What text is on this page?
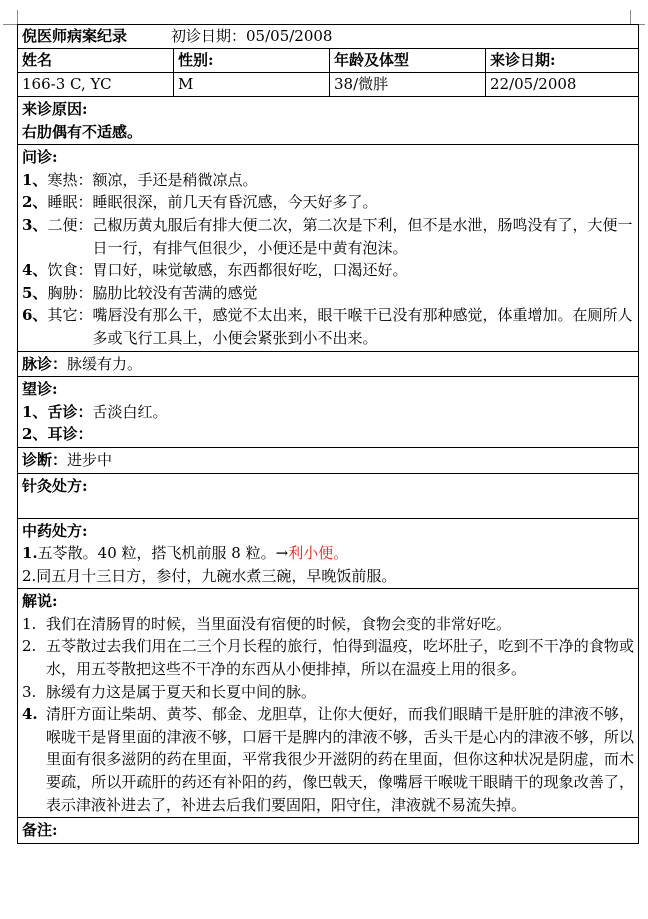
倪医师病案纪录	初诊日期：05/05/2008
姓名	性别:	年龄及体型	来诊日期:
166-3 C, YC	M	38/微胖	22/05/2008
来诊原因:
右肋偶有不适感。
问诊:
1、寒热： 额凉，手还是稍微凉点。
2、睡眠： 睡眠很深，前几天有昏沉感，今天好多了。
3、二便： 己椒历黄丸服后有排大便二次，第二次是下利，但不是水泄，肠鸣没有了，大便一日一行，有排气但很少，小便还是中黄有泡沫。
4、饮食： 胃口好，味觉敏感，东西都很好吃，口渴还好。
5、胸胁： 脇肋比较没有苦满的感觉
6、其它： 嘴唇没有那么干，感觉不太出来，眼干喉干已没有那种感觉，体重增加。在厕所人多或飞行工具上，小便会紧张到小不出来。
脉诊：脉缓有力。
望诊:
1、舌诊： 舌淡白红。
2、耳诊：
诊断：进步中
针灸处方:
中药处方:
1.五苓散。40 粒，搭飞机前服 8 粒。→利小便。
2.同五月十三日方，参付，九碗水煮三碗，早晚饭前服。
解说:
1. 我们在清肠胃的时候，当里面没有宿便的时候，食物会变的非常好吃。
2. 五苓散过去我们用在二三个月长程的旅行，怕得到温疫，吃坏肚子，吃到不干净的食物或水，用五苓散把这些不干净的东西从小便排掉，所以在温疫上用的很多。
3. 脉缓有力这是属于夏天和长夏中间的脉。
4. 清肝方面让柴胡、黄芩、郁金、龙胆草，让你大便好，而我们眼睛干是肝脏的津液不够，喉咙干是肾里面的津液不够，口唇干是脾内的津液不够，舌头干是心内的津液不够，所以里面有很多滋阴的药在里面，平常我很少开滋阴的药在里面，但你这种状况是阴虚，而木要疏，所以开疏肝的药还有补阳的药，像巴戟天，像嘴唇干喉咙干眼睛干的现象改善了，表示津液补进去了，补进去后我们要固阳，阳守住，津液就不易流失掉。
备注:
